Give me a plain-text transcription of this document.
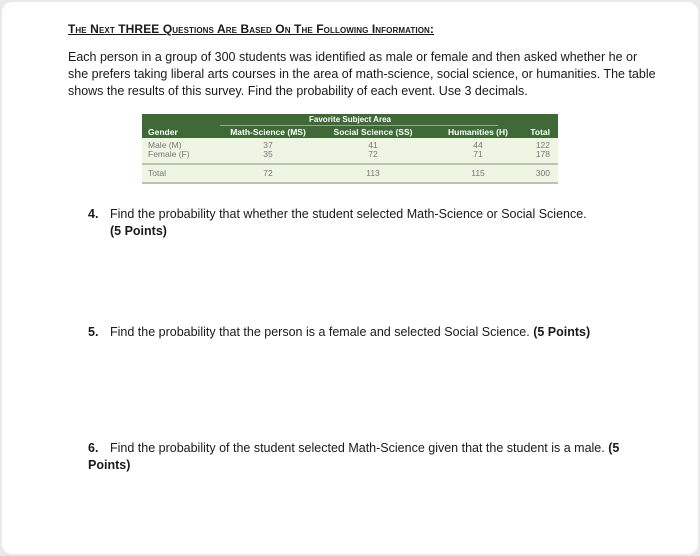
The Next THREE Questions Are Based On The Following Information:
Each person in a group of 300 students was identified as male or female and then asked whether he or she prefers taking liberal arts courses in the area of math-science, social science, or humanities. The table shows the results of this survey. Find the probability of each event. Use 3 decimals.
Favorite Subject Area
Gender	Math-Science (MS)	Social Science (SS)	Humanities (H)	Total
Male (M)	37	41	44	122
Female (F)	35	72	71	178
Total	72	113	115	300
4. Find the probability that whether the student selected Math-Science or Social Science.
(5 Points)
5. Find the probability that the person is a female and selected Social Science. (5 Points)
6. Find the probability of the student selected Math-Science given that the student is a male. (5 Points)
